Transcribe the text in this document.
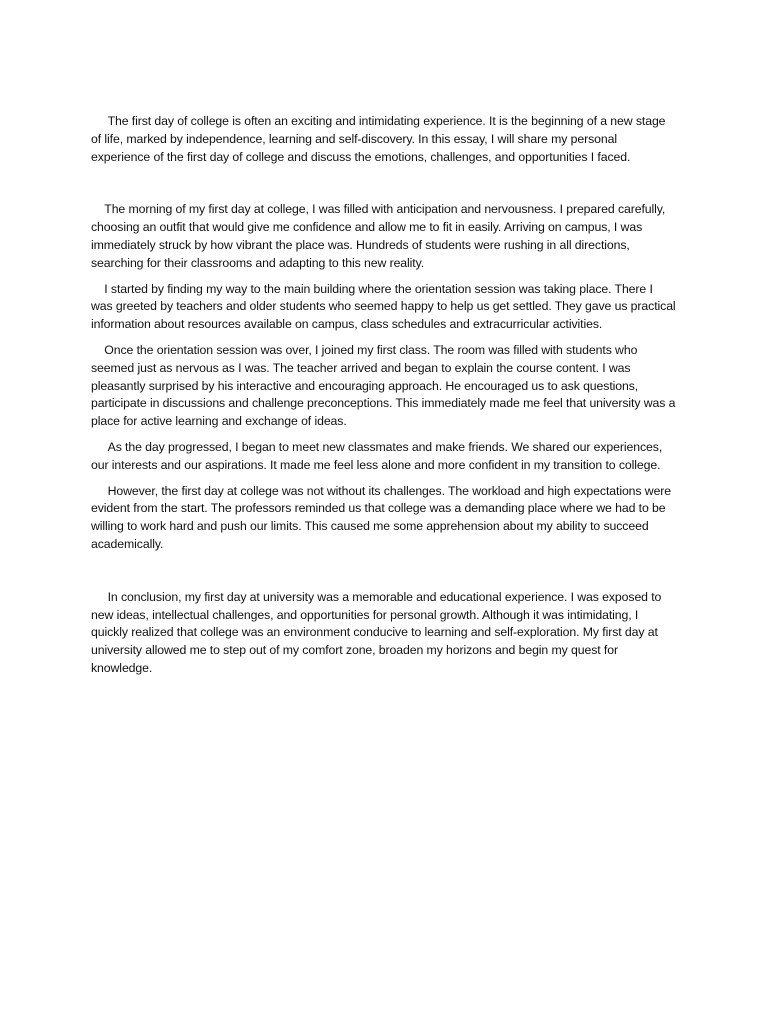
The first day of college is often an exciting and intimidating experience. It is the beginning of a new stage of life, marked by independence, learning and self-discovery. In this essay, I will share my personal experience of the first day of college and discuss the emotions, challenges, and opportunities I faced.

The morning of my first day at college, I was filled with anticipation and nervousness. I prepared carefully, choosing an outfit that would give me confidence and allow me to fit in easily. Arriving on campus, I was immediately struck by how vibrant the place was. Hundreds of students were rushing in all directions, searching for their classrooms and adapting to this new reality.

I started by finding my way to the main building where the orientation session was taking place. There I was greeted by teachers and older students who seemed happy to help us get settled. They gave us practical information about resources available on campus, class schedules and extracurricular activities.

Once the orientation session was over, I joined my first class. The room was filled with students who seemed just as nervous as I was. The teacher arrived and began to explain the course content. I was pleasantly surprised by his interactive and encouraging approach. He encouraged us to ask questions, participate in discussions and challenge preconceptions. This immediately made me feel that university was a place for active learning and exchange of ideas.

As the day progressed, I began to meet new classmates and make friends. We shared our experiences, our interests and our aspirations. It made me feel less alone and more confident in my transition to college.

However, the first day at college was not without its challenges. The workload and high expectations were evident from the start. The professors reminded us that college was a demanding place where we had to be willing to work hard and push our limits. This caused me some apprehension about my ability to succeed academically.

In conclusion, my first day at university was a memorable and educational experience. I was exposed to new ideas, intellectual challenges, and opportunities for personal growth. Although it was intimidating, I quickly realized that college was an environment conducive to learning and self-exploration. My first day at university allowed me to step out of my comfort zone, broaden my horizons and begin my quest for knowledge.
